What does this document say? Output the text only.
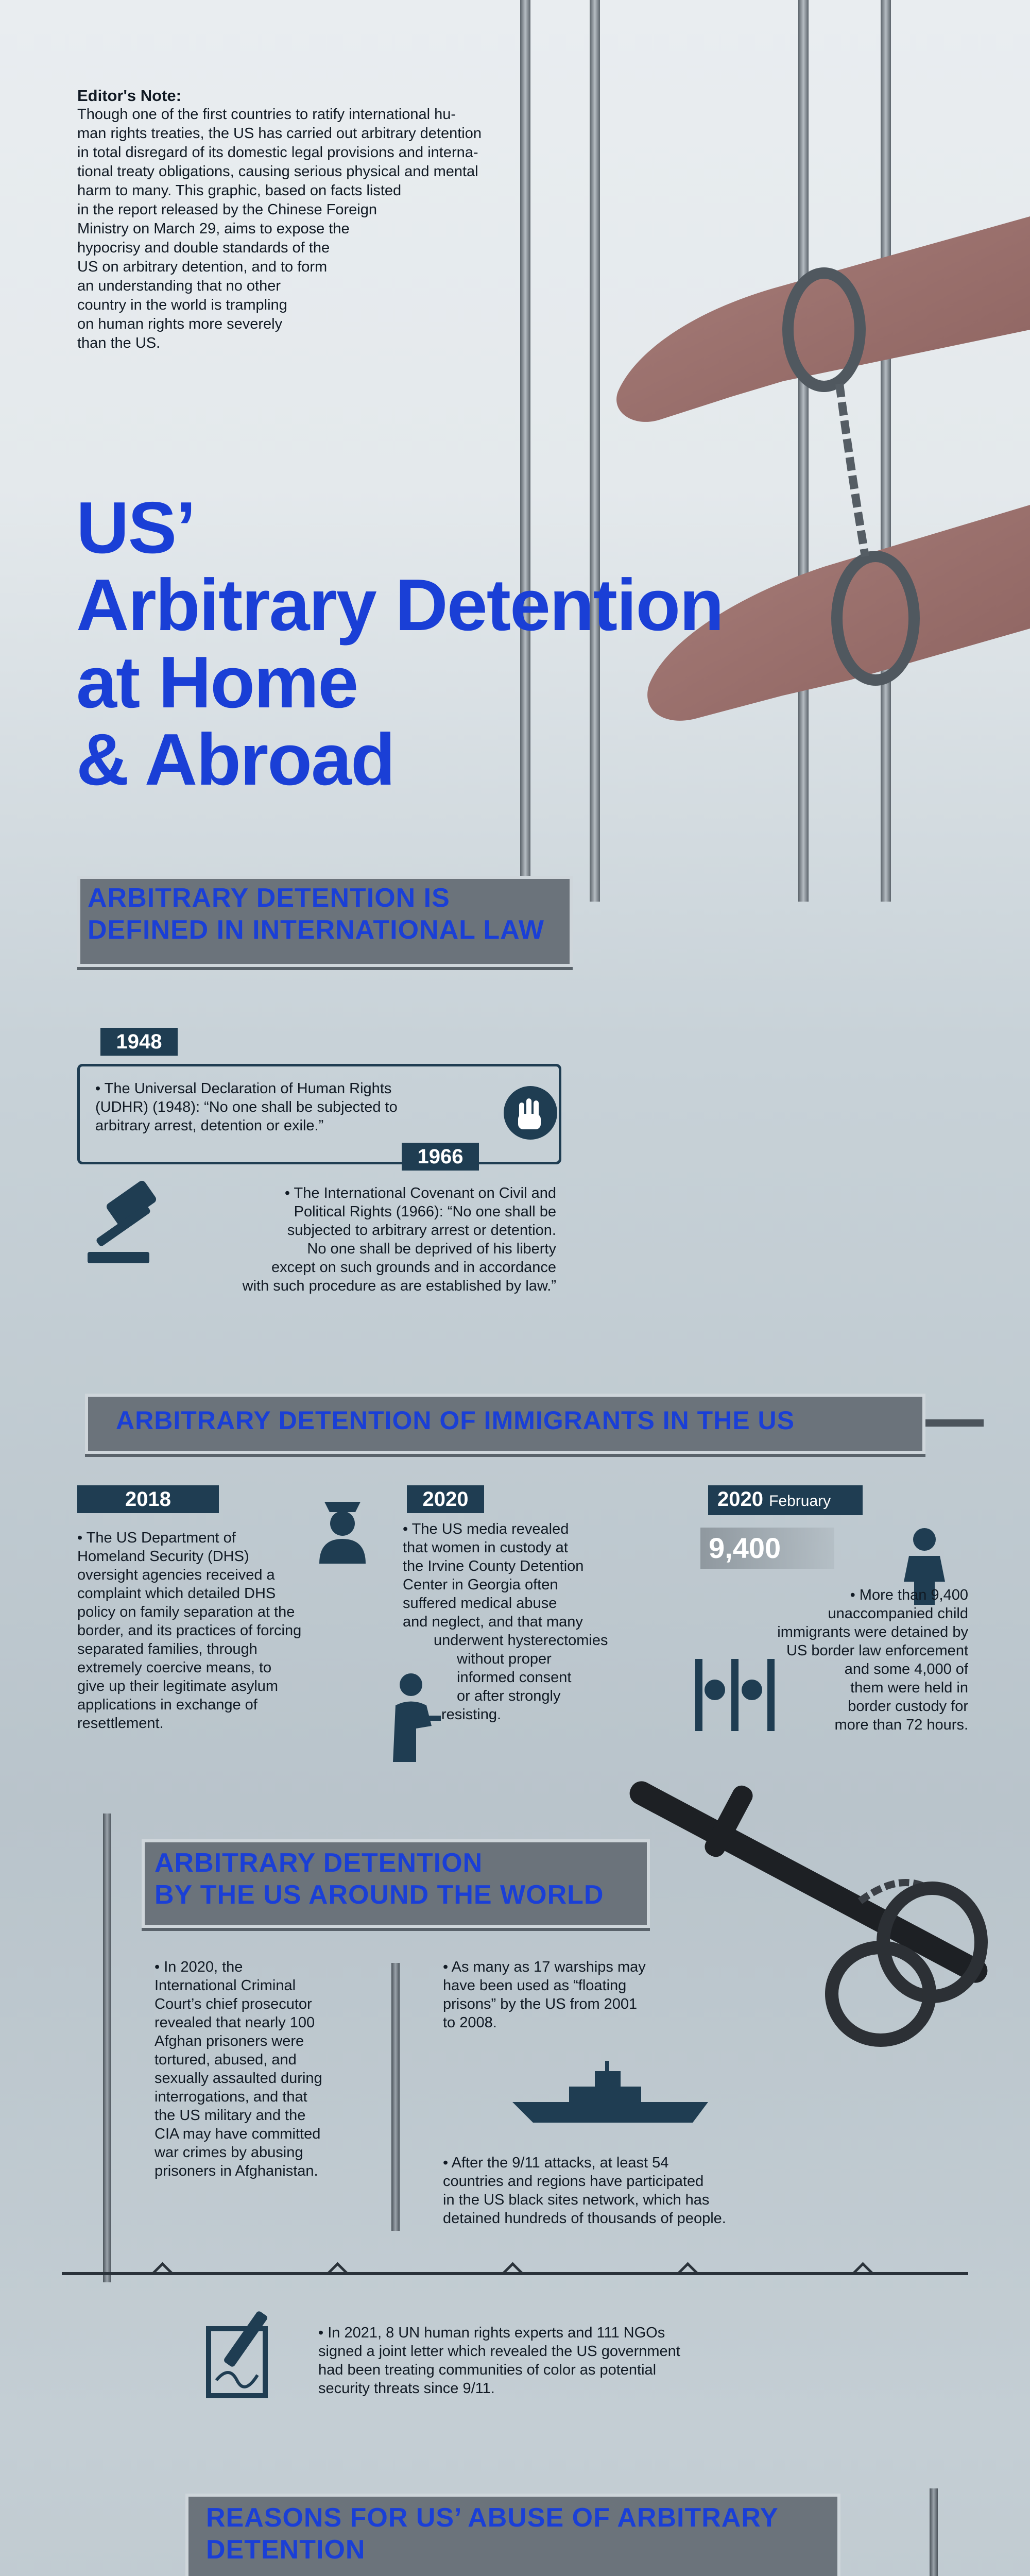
Editor's Note:
Though one of the first countries to ratify international hu-
man rights treaties, the US has carried out arbitrary detention
in total disregard of its domestic legal provisions and interna-
tional treaty obligations, causing serious physical and mental
harm to many. This graphic, based on facts listed
in the report released by the Chinese Foreign
Ministry on March 29, aims to expose the
hypocrisy and double standards of the
US on arbitrary detention, and to form
an understanding that no other
country in the world is trampling
on human rights more severely
than the US.
US’
Arbitrary Detention
at Home
& Abroad
ARBITRARY DETENTION IS
DEFINED IN INTERNATIONAL LAW
1948
• The Universal Declaration of Human Rights
(UDHR) (1948): “No one shall be subjected to
arbitrary arrest, detention or exile.”
1966
• The International Covenant on Civil and
Political Rights (1966): “No one shall be
subjected to arbitrary arrest or detention.
No one shall be deprived of his liberty
except on such grounds and in accordance
with such procedure as are established by law.”
ARBITRARY DETENTION OF IMMIGRANTS IN THE US
2018
• The US Department of
Homeland Security (DHS)
oversight agencies received a
complaint which detailed DHS
policy on family separation at the
border, and its practices of forcing
separated families, through
extremely coercive means, to
give up their legitimate asylum
applications in exchange of
resettlement.
2020
• The US media revealed
that women in custody at
the Irvine County Detention
Center in Georgia often
suffered medical abuse
and neglect, and that many
underwent hysterectomies
without proper
informed consent
or after strongly
resisting.
2020 February
9,400
• More than 9,400
unaccompanied child
immigrants were detained by
US border law enforcement
and some 4,000 of
them were held in
border custody for
more than 72 hours.
ARBITRARY DETENTION
BY THE US AROUND THE WORLD
• In 2020, the
International Criminal
Court’s chief prosecutor
revealed that nearly 100
Afghan prisoners were
tortured, abused, and
sexually assaulted during
interrogations, and that
the US military and the
CIA may have committed
war crimes by abusing
prisoners in Afghanistan.
• As many as 17 warships may
have been used as “floating
prisons” by the US from 2001
to 2008.
• After the 9/11 attacks, at least 54
countries and regions have participated
in the US black sites network, which has
detained hundreds of thousands of people.
• In 2021, 8 UN human rights experts and 111 NGOs
signed a joint letter which revealed the US government
had been treating communities of color as potential
security threats since 9/11.
REASONS FOR US’ ABUSE OF ARBITRARY
DETENTION
